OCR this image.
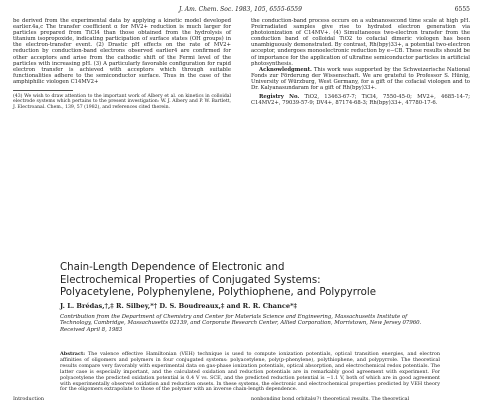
J. Am. Chem. Soc. 1983, 105, 6555-6559	6555

be derived from the experimental data by applying a kinetic model developed earlier.4a,c The transfer coefficient α for MV2+ reduction is much larger for particles prepared from TiCl4 than those obtained from the hydrolysis of titanium isopropoxide, indicating participation of surface states (OH groups) in the electron-transfer event. (2) Drastic pH effects on the rate of MV2+ reduction by conduction-band electrons observed earlier4 are confirmed for other acceptors and arise from the cathodic shift of the Fermi level of the particles with increasing pH. (3) A particularly favorable configuration for rapid electron transfer is achieved with acceptors which through suitable functionalities adhere to the semiconductor surface. Thus in the case of the amphiphilic viologen C14MV2+

(43) We wish to draw attention to the important work of Albery et al. on kinetics in colloidal electrode systems which pertains to the present investigation: W. J. Albery and P. W. Bartlett, J. Electroanal. Chem., 139, 57 (1982), and references cited therein.

the conduction-band process occurs on a subnanosecond time scale at high pH. Preirradiated samples give rise to hydrated electron generation via photoionization of C14MV+. (4) Simultaneous two-electron transfer from the conduction band of colloidal TiO2 to cofacial dimeric viologen has been unambiguously demonstrated. By contrast, Rh(bpy)33+, a potential two-electron acceptor, undergoes monoelectronic reduction by e−CB. These results should be of importance for the application of ultrafine semiconductor particles in artificial photosynthesis.

Acknowledgment. This work was supported by the Schweizerische National Fonds zur Förderung der Wissenschaft. We are grateful to Professor S. Hünig, University of Würzburg, West Germany, for a gift of the cofacial viologen and to Dr. Kalyanasundaram for a gift of Rh(bpy)33+.

Registry No. TiO2, 13463-67-7; TiCl4, 7550-45-0; MV2+, 4685-14-7; C14MV2+, 79039-57-9; DV4+, 87174-68-3; Rh(bpy)33+, 47780-17-6.

Chain-Length Dependence of Electronic and
Electrochemical Properties of Conjugated Systems:
Polyacetylene, Polyphenylene, Polythiophene, and Polypyrrole
J. L. Brédas,†,‡ R. Silbey,*† D. S. Boudreaux,‡ and R. R. Chance*‡
Contribution from the Department of Chemistry and Center for Materials Science and Engineering, Massachusetts Institute of Technology, Cambridge, Massachusetts 02139, and Corporate Research Center, Allied Corporation, Morristown, New Jersey 07960. Received April 8, 1983
Abstract: The valence effective Hamiltonian (VEH) technique is used to compute ionization potentials, optical transition energies, and electron affinities of oligomers and polymers in four conjugated systems: polyacetylene, poly(p-phenylene), polythiophene, and polypyrrole. The theoretical results compare very favorably with experimental data on gas-phase ionization potentials, optical absorption, and electrochemical redox potentials. The latter case is especially important, and the calculated oxidation and reduction potentials are in remarkably good agreement with experiment. For polyacetylene the predicted oxidation potential is 0.4 V vs. SCE, and the predicted reduction potential is −1.1 V, both of which are in good agreement with experimentally observed oxidation and reduction onsets. In these systems, the electronic and electrochemical properties predicted by VEH theory for the oligomers extrapolate to those of the polymer with an inverse chain-length dependence.
Introduction	nonbonding bond orbitals(?) theoretical results. The theoretical
